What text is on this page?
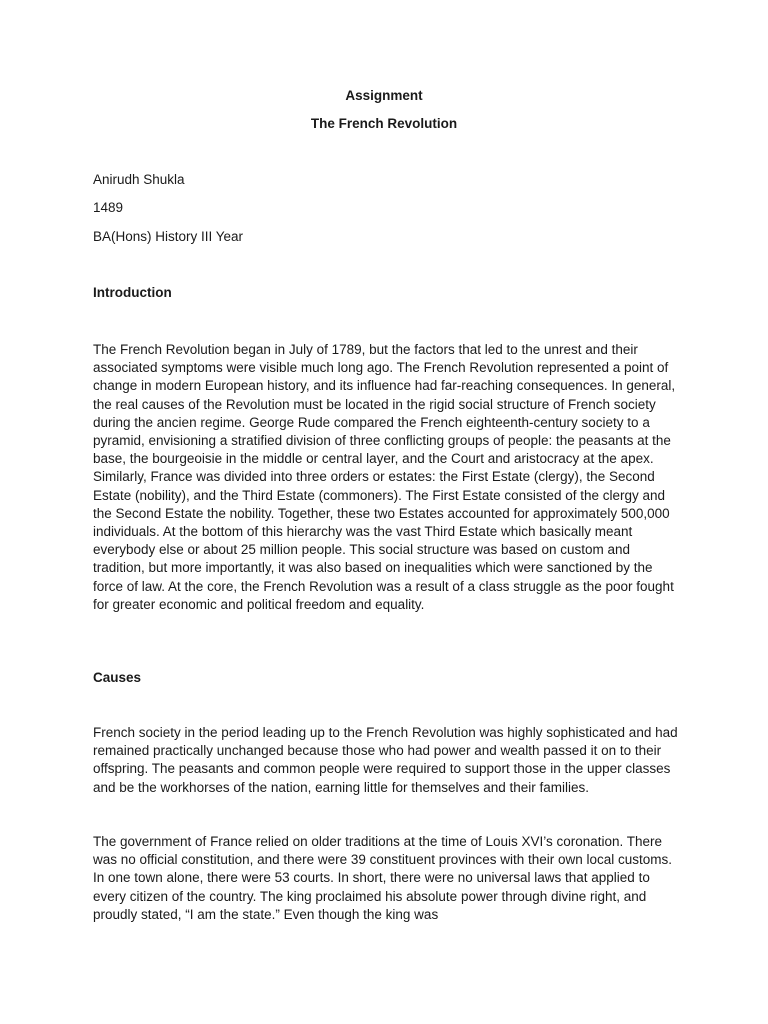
Assignment
The French Revolution
Anirudh Shukla
1489
BA(Hons) History III Year
Introduction

The French Revolution began in July of 1789, but the factors that led to the unrest and their associated symptoms were visible much long ago. The French Revolution represented a point of change in modern European history, and its influence had far-reaching consequences. In general, the real causes of the Revolution must be located in the rigid social structure of French society during the ancien regime. George Rude compared the French eighteenth-century society to a pyramid, envisioning a stratified division of three conflicting groups of people: the peasants at the base, the bourgeoisie in the middle or central layer, and the Court and aristocracy at the apex. Similarly, France was divided into three orders or estates: the First Estate (clergy), the Second Estate (nobility), and the Third Estate (commoners). The First Estate consisted of the clergy and the Second Estate the nobility. Together, these two Estates accounted for approximately 500,000 individuals. At the bottom of this hierarchy was the vast Third Estate which basically meant everybody else or about 25 million people. This social structure was based on custom and tradition, but more importantly, it was also based on inequalities which were sanctioned by the force of law. At the core, the French Revolution was a result of a class struggle as the poor fought for greater economic and political freedom and equality.

Causes

French society in the period leading up to the French Revolution was highly sophisticated and had remained practically unchanged because those who had power and wealth passed it on to their offspring. The peasants and common people were required to support those in the upper classes and be the workhorses of the nation, earning little for themselves and their families.

The government of France relied on older traditions at the time of Louis XVI’s coronation. There was no official constitution, and there were 39 constituent provinces with their own local customs. In one town alone, there were 53 courts. In short, there were no universal laws that applied to every citizen of the country. The king proclaimed his absolute power through divine right, and proudly stated, “I am the state.” Even though the king was
